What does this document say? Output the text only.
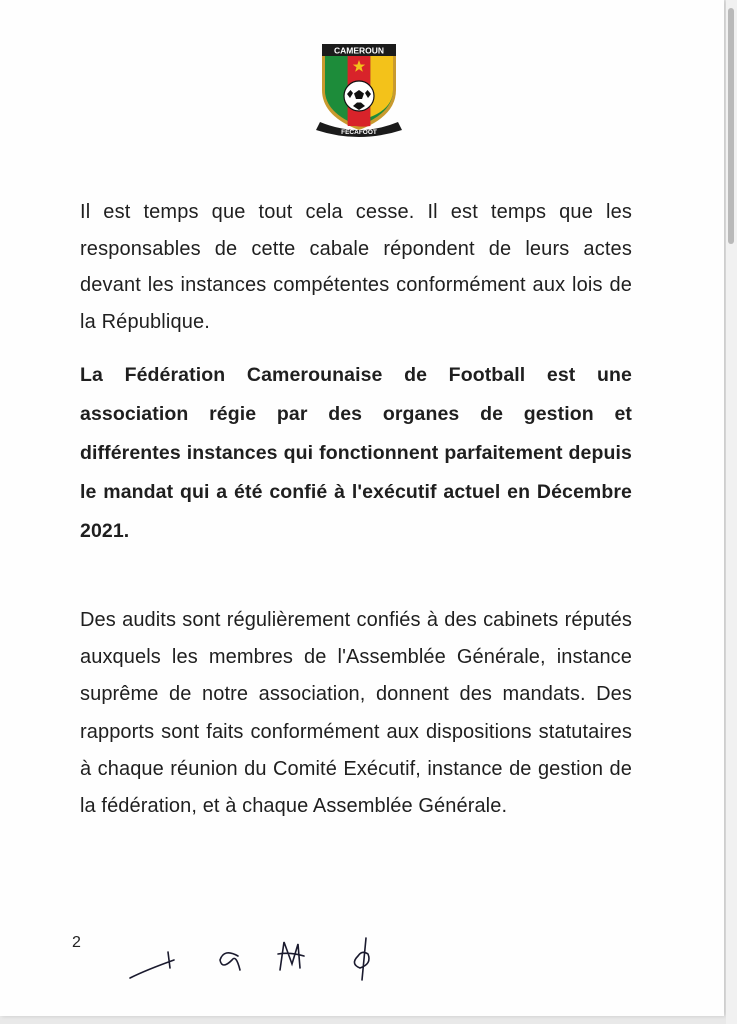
CAMEROUN
FECAFOOT

Il est temps que tout cela cesse. Il est temps que les responsables de cette cabale répondent de leurs actes devant les instances compétentes conformément aux lois de la République.

La Fédération Camerounaise de Football est une association régie par des organes de gestion et différentes instances qui fonctionnent parfaitement depuis le mandat qui a été confié à l'exécutif actuel en Décembre 2021.

Des audits sont régulièrement confiés à des cabinets réputés auxquels les membres de l'Assemblée Générale, instance suprême de notre association, donnent des mandats. Des rapports sont faits conformément aux dispositions statutaires à chaque réunion du Comité Exécutif, instance de gestion de la fédération, et à chaque Assemblée Générale.

2
